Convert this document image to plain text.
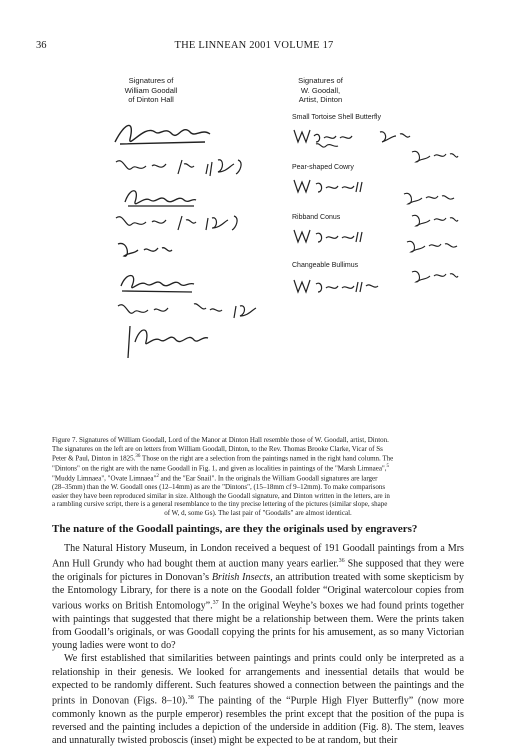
36	THE LINNEAN 2001 VOLUME 17
Signatures of
William Goodall
of Dinton Hall
Signatures of
W. Goodall,
Artist, Dinton
Small Tortoise Shell Butterfly
Pear-shaped Cowry
Ribband Conus
Changeable Bullimus
Figure 7. Signatures of William Goodall, Lord of the Manor at Dinton Hall resemble those of W. Goodall, artist, Dinton.
The signatures on the left are on letters from William Goodall, Dinton, to the Rev. Thomas Brooke Clarke, Vicar of Ss
Peter & Paul, Dinton in 1825.36 Those on the right are a selection from the paintings named in the right hand column. The
"Dintons" on the right are with the name Goodall in Fig. 1, and given as localities in paintings of the "Marsh Limnaea",$^5$
"Muddy Limnaea", "Ovate Limnaea"$^2$ and the "Ear Snail". In the originals the William Goodall signatures are larger
(28–35mm) than the W. Goodall ones (12–14mm) as are the "Dintons", (15–18mm cf 9–12mm). To make comparisons
easier they have been reproduced similar in size. Although the Goodall signature, and Dinton written in the letters, are in
a rambling cursive script, there is a general resemblance to the tiny precise lettering of the pictures (similar slope, shape
of W, d, some Gs). The last pair of "Goodalls" are almost identical.
The nature of the Goodall paintings, are they the originals used by engravers?

The Natural History Museum, in London received a bequest of 191 Goodall paintings from a Mrs Ann Hull Grundy who had bought them at auction many years earlier.$^{36}$ She supposed that they were the originals for pictures in Donovan’s British Insects, an attribution treated with some skepticism by the Entomology Library, for there is a note on the Goodall folder “Original watercolour copies from various works on British Entomology”.$^{37}$ In the original Weyhe’s boxes we had found prints together with paintings that suggested that there might be a relationship between them. Were the prints taken from Goodall’s originals, or was Goodall copying the prints for his amusement, as so many Victorian young ladies were wont to do?

We first established that similarities between paintings and prints could only be interpreted as a relationship in their genesis. We looked for arrangements and inessential details that would be expected to be randomly different. Such features showed a connection between the paintings and the prints in Donovan (Figs. 8–10).$^{38}$ The painting of the “Purple High Flyer Butterfly” (now more commonly known as the purple emperor) resembles the print except that the position of the pupa is reversed and the painting includes a depiction of the underside in addition (Fig. 8). The stem, leaves and unnaturally twisted proboscis (inset) might be expected to be at random, but their
